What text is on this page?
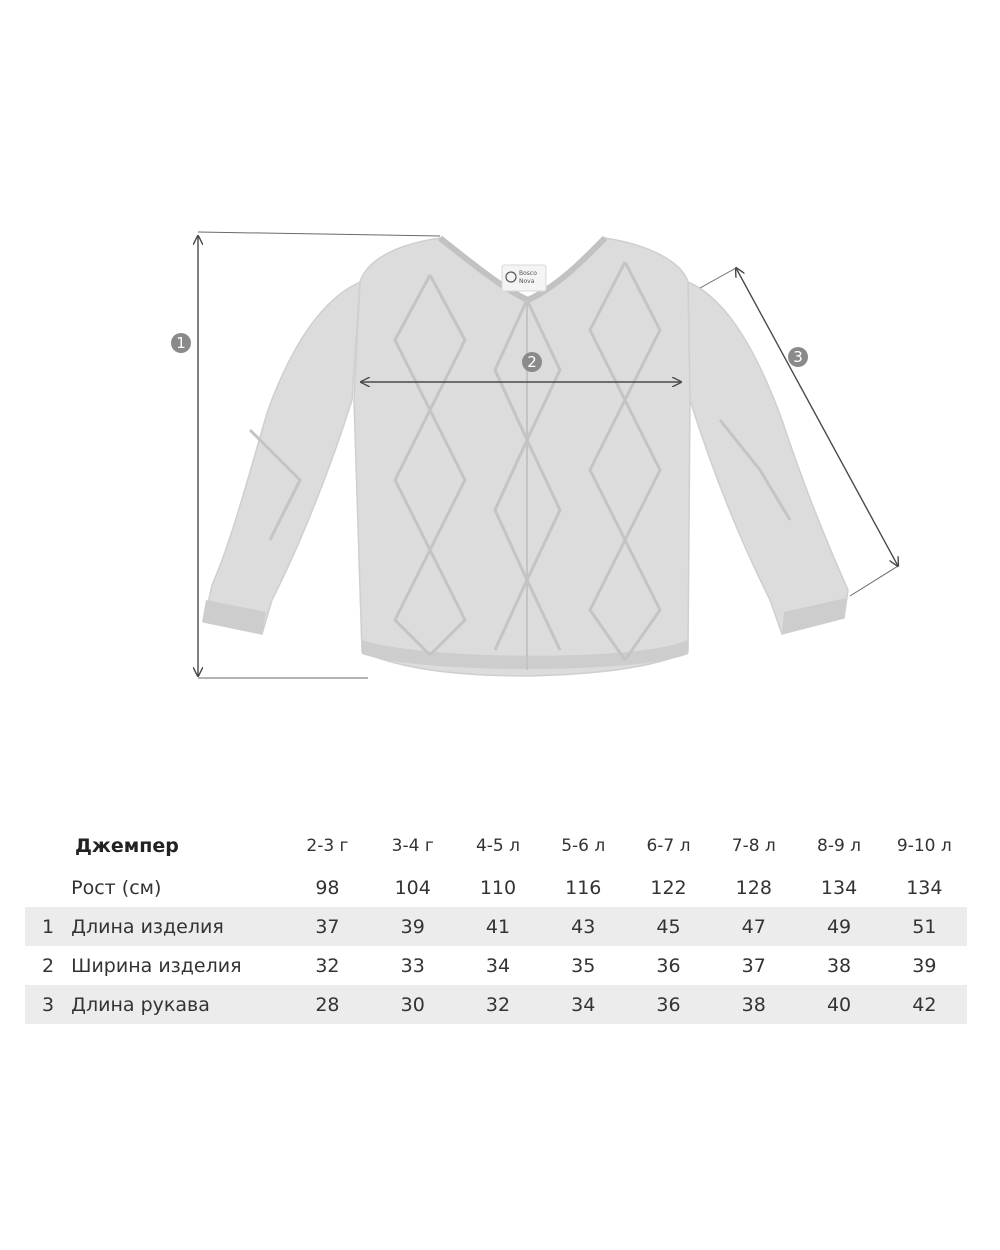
Bosco
Nova
1
2	3
Джемпер		2-3 г	3-4 г	4-5 л	5-6 л	6-7 л	7-8 л	8-9 л	9-10 л
	Рост (см)	98	104	110	116	122	128	134	134
1	Длина изделия	37	39	41	43	45	47	49	51
2	Ширина изделия	32	33	34	35	36	37	38	39
3	Длина рукава	28	30	32	34	36	38	40	42
